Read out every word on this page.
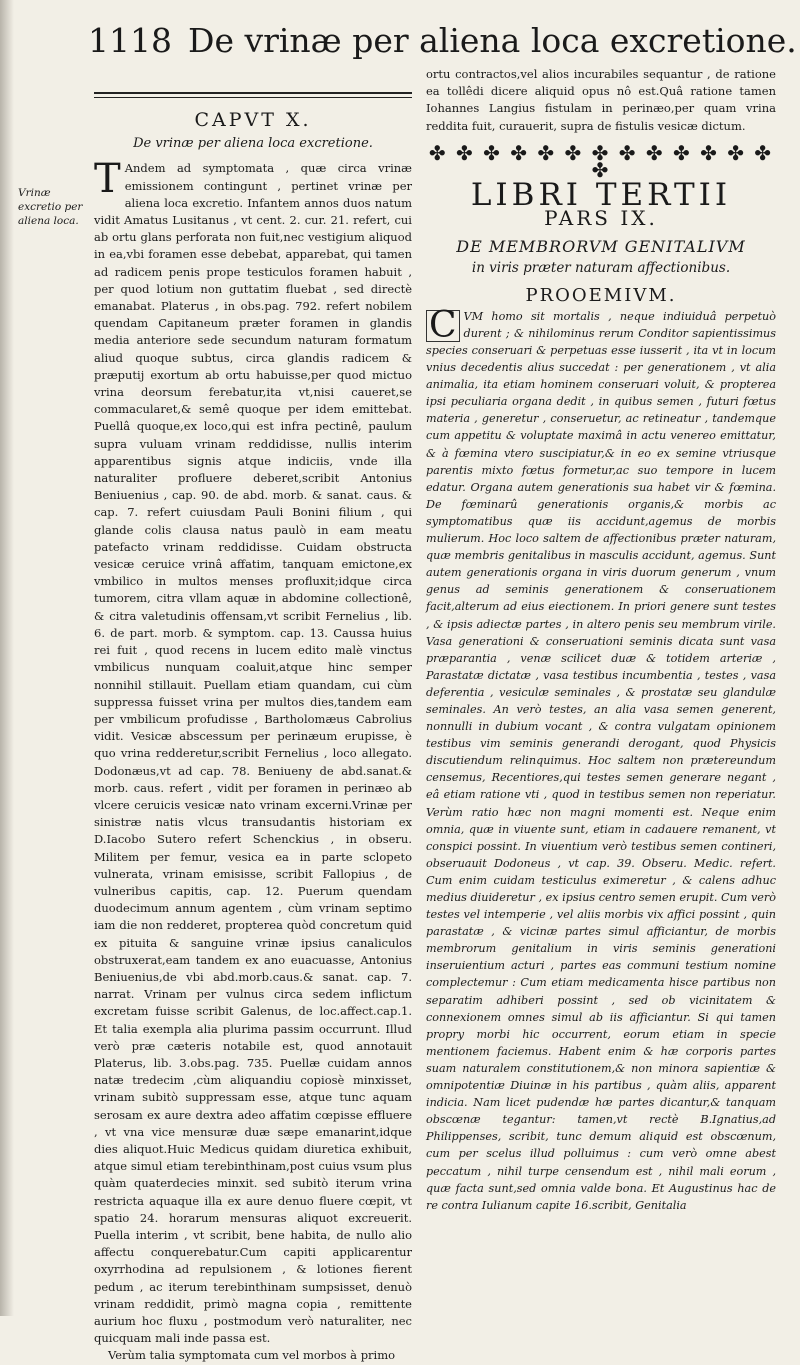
1118 De vrinæ per aliena loca excretione.
Vrinæ excretio per aliena loca.
CAPVT X.
De vrinæ per aliena loca excretione.
T Andem ad symptomata , quæ circa vrinæ emissionem contingunt , pertinet vrinæ per aliena loca excretio. Infantem annos duos natum vidit Amatus Lusitanus , vt cent. 2. cur. 21. refert, cui ab ortu glans perforata non fuit,nec vestigium aliquod in ea,vbi foramen esse debebat, apparebat, qui tamen ad radicem penis prope testiculos foramen habuit , per quod lotium non guttatim fluebat , sed directè emanabat. Platerus , in obs.pag. 792. refert nobilem quendam Capitaneum præter foramen in glandis media anteriore sede secundum naturam formatum aliud quoque subtus, circa glandis radicem & præputij exortum ab ortu habuisse,per quod mictuo vrina deorsum ferebatur,ita vt,nisi caueret,se commacularet,& semê quoque per idem emittebat. Puellâ quoque,ex loco,qui est infra pectinê, paulum supra vuluam vrinam reddidisse, nullis interim apparentibus signis atque indiciis, vnde illa naturaliter profluere deberet,scribit Antonius Beniuenius , cap. 90. de abd. morb. & sanat. caus. & cap. 7. refert cuiusdam Pauli Bonini filium , qui glande colis clausa natus paulò in eam meatu patefacto vrinam reddidisse. Cuidam obstructa vesicæ ceruice vrinâ affatim, tanquam emictone,ex vmbilico in multos menses profluxit;idque circa tumorem, citra vllam aquæ in abdomine collectionê, & citra valetudinis offensam,vt scribit Fernelius , lib. 6. de part. morb. & symptom. cap. 13. Caussa huius rei fuit , quod recens in lucem edito malè vinctus vmbilicus nunquam coaluit,atque hinc semper nonnihil stillauit. Puellam etiam quandam, cui cùm suppressa fuisset vrina per multos dies,tandem eam per vmbilicum profudisse , Bartholomæus Cabrolius vidit. Vesicæ abscessum per perinæum erupisse, è quo vrina redderetur,scribit Fernelius , loco allegato. Dodonæus,vt ad cap. 78. Beniueny de abd.sanat.& morb. caus. refert , vidit per foramen in perinæo ab vlcere ceruicis vesicæ nato vrinam excerni.Vrinæ per sinistræ natis vlcus transudantis historiam ex D.Iacobo Sutero refert Schenckius , in obseru. Militem per femur, vesica ea in parte sclopeto vulnerata, vrinam emisisse, scribit Fallopius , de vulneribus capitis, cap. 12. Puerum quendam duodecimum annum agentem , cùm vrinam septimo iam die non redderet, propterea quòd concretum quid ex pituita & sanguine vrinæ ipsius canaliculos obstruxerat,eam tandem ex ano euacuasse, Antonius Beniuenius,de vbi abd.morb.caus.& sanat. cap. 7. narrat. Vrinam per vulnus circa sedem inflictum excretam fuisse scribit Galenus, de loc.affect.cap.1. Et talia exempla alia plurima passim occurrunt. Illud verò præ cæteris notabile est, quod annotauit Platerus, lib. 3.obs.pag. 735. Puellæ cuidam annos natæ tredecim ,cùm aliquandiu copiosè minxisset, vrinam subitò suppressam esse, atque tunc aquam serosam ex aure dextra adeo affatim cœpisse effluere , vt vna vice mensuræ duæ sæpe emanarint,idque dies aliquot.Huic Medicus quidam diuretica exhibuit, atque simul etiam terebinthinam,post cuius vsum plus quàm quaterdecies minxit. sed subitò iterum vrina restricta aquaque illa ex aure denuo fluere cœpit, vt spatio 24. horarum mensuras aliquot excreuerit. Puella interim , vt scribit, bene habita, de nullo alio affectu conquerebatur.Cum capiti applicarentur oxyrrhodina ad repulsionem , & lotiones fierent pedum , ac iterum terebinthinam sumpsisset, denuò vrinam reddidit, primò magna copia , remittente aurium hoc fluxu , postmodum verò naturaliter, nec quicquam mali inde passa est.
Verùm talia symptomata cum vel morbos à primo
ortu contractos,vel alios incurabiles sequantur , de ratione ea tollêdi dicere aliquid opus nô est.Quâ ratione tamen Iohannes Langius fistulam in perinæo,per quam vrina reddita fuit, curauerit, supra de fistulis vesicæ dictum.
✤ ✤ ✤ ✤ ✤ ✤ ✤ ✤ ✤ ✤ ✤ ✤ ✤ ✤
LIBRI TERTII
PARS IX.
DE MEMBRORVM GENITALIVM
in viris præter naturam affectionibus.
PROOEMIVM.
C VM homo sit mortalis , neque indiuiduâ perpetuò durent ; & nihilominus rerum Conditor sapientissimus species conseruari & perpetuas esse iusserit , ita vt in locum vnius decedentis alius succedat : per generationem , vt alia animalia, ita etiam hominem conseruari voluit, & propterea ipsi peculiaria organa dedit , in quibus semen , futuri fœtus materia , generetur , conseruetur, ac retineatur , tandemque cum appetitu & voluptate maximâ in actu venereo emittatur, & à fœmina vtero suscipiatur,& in eo ex semine vtriusque parentis mixto fœtus formetur,ac suo tempore in lucem edatur. Organa autem generationis sua habet vir & fœmina. De fœminarû generationis organis,& morbis ac symptomatibus quæ iis accidunt,agemus de morbis mulierum. Hoc loco saltem de affectionibus præter naturam, quæ membris genitalibus in masculis accidunt, agemus. Sunt autem generationis organa in viris duorum generum , vnum genus ad seminis generationem & conseruationem facit,alterum ad eius eiectionem. In priori genere sunt testes , & ipsis adiectæ partes , in altero penis seu membrum virile. Vasa generationi & conseruationi seminis dicata sunt vasa præparantia , venæ scilicet duæ & totidem arteriæ , Parastatæ dictatæ , vasa testibus incumbentia , testes , vasa deferentia , vesiculæ seminales , & prostatæ seu glandulæ seminales. An verò testes, an alia vasa semen generent, nonnulli in dubium vocant , & contra vulgatam opinionem testibus vim seminis generandi derogant, quod Physicis discutiendum relinquimus. Hoc saltem non prætereundum censemus, Recentiores,qui testes semen generare negant , eâ etiam ratione vti , quod in testibus semen non reperiatur. Verùm ratio hæc non magni momenti est. Neque enim omnia, quæ in viuente sunt, etiam in cadauere remanent, vt conspici possint. In viuentium verò testibus semen contineri, obseruauit Dodoneus , vt cap. 39. Obseru. Medic. refert. Cum enim cuidam testiculus eximeretur , & calens adhuc medius diuideretur , ex ipsius centro semen erupit. Cum verò testes vel intemperie , vel aliis morbis vix affici possint , quin parastatæ , & vicinæ partes simul afficiantur, de morbis membrorum genitalium in viris seminis generationi inseruientium acturi , partes eas communi testium nomine complectemur : Cum etiam medicamenta hisce partibus non separatim adhiberi possint , sed ob vicinitatem & connexionem omnes simul ab iis afficiantur. Si qui tamen propry morbi hic occurrent, eorum etiam in specie mentionem faciemus. Habent enim & hæ corporis partes suam naturalem constitutionem,& non minora sapientiæ & omnipotentiæ Diuinæ in his partibus , quàm aliis, apparent indicia. Nam licet pudendæ hæ partes dicantur,& tanquam obscœnæ tegantur: tamen,vt rectè B.Ignatius,ad Philippenses, scribit, tunc demum aliquid est obscœnum, cum per scelus illud polluimus : cum verò omne abest peccatum , nihil turpe censendum est , nihil mali eorum , quæ facta sunt,sed omnia valde bona. Et Augustinus hac de re contra Iulianum capite 16.scribit, Genitalia
